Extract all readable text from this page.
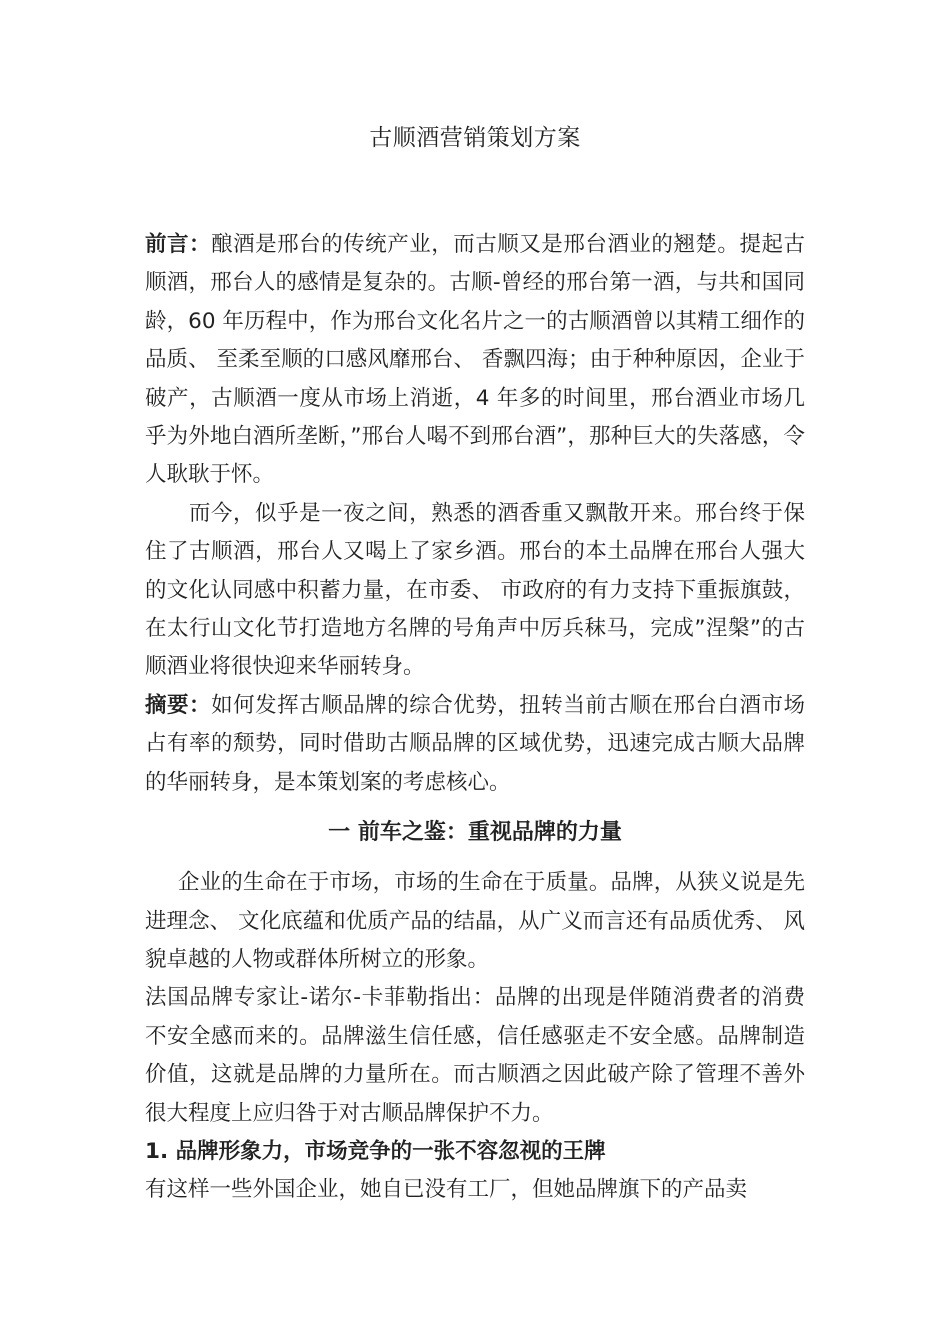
古顺酒营销策划方案

前言：酿酒是邢台的传统产业，而古顺又是邢台酒业的翘楚。提起古顺酒，邢台人的感情是复杂的。古顺-曾经的邢台第一酒，与共和国同龄，60 年历程中，作为邢台文化名片之一的古顺酒曾以其精工细作的品质、 至柔至顺的口感风靡邢台、 香飘四海；由于种种原因，企业于 破产，古顺酒一度从市场上消逝，4 年多的时间里，邢台酒业市场几乎为外地白酒所垄断，”邢台人喝不到邢台酒”，那种巨大的失落感，令人耿耿于怀。

而今，似乎是一夜之间，熟悉的酒香重又飘散开来。邢台终于保住了古顺酒，邢台人又喝上了家乡酒。邢台的本土品牌在邢台人强大的文化认同感中积蓄力量，在市委、 市政府的有力支持下重振旗鼓，在太行山文化节打造地方名牌的号角声中厉兵秣马，完成”涅槃”的古顺酒业将很快迎来华丽转身。

摘要：如何发挥古顺品牌的综合优势，扭转当前古顺在邢台白酒市场占有率的颓势，同时借助古顺品牌的区域优势，迅速完成古顺大品牌的华丽转身，是本策划案的考虑核心。

一 前车之鉴：重视品牌的力量

企业的生命在于市场，市场的生命在于质量。品牌，从狭义说是先进理念、 文化底蕴和优质产品的结晶，从广义而言还有品质优秀、 风貌卓越的人物或群体所树立的形象。

法国品牌专家让-诺尔-卡菲勒指出：品牌的出现是伴随消费者的消费不安全感而来的。品牌滋生信任感，信任感驱走不安全感。品牌制造价值，这就是品牌的力量所在。而古顺酒之因此破产除了管理不善外很大程度上应归咎于对古顺品牌保护不力。

1. 品牌形象力，市场竞争的一张不容忽视的王牌

有这样一些外国企业，她自已没有工厂，但她品牌旗下的产品卖
